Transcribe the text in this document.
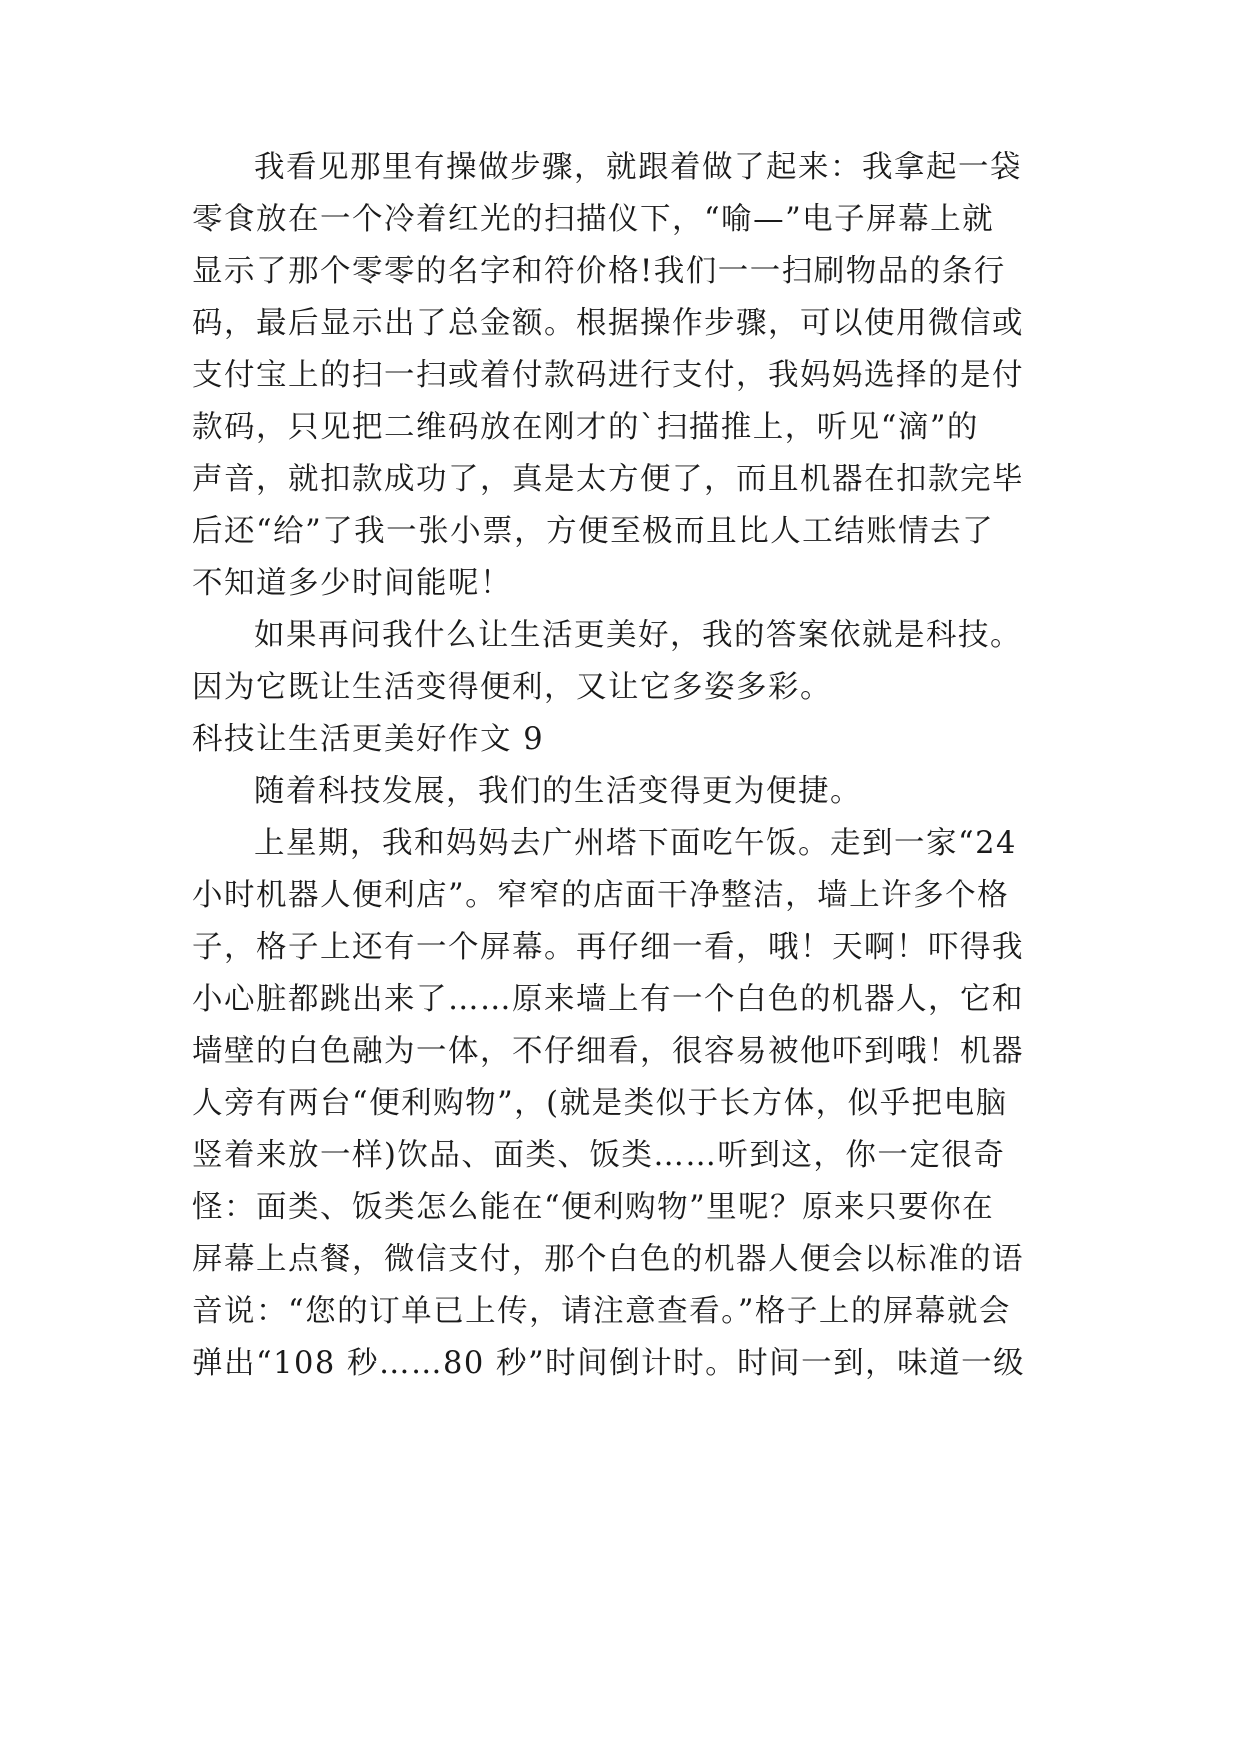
我看见那里有操做步骤，就跟着做了起来：我拿起一袋
零食放在一个冷着红光的扫描仪下，“喻—”电子屏幕上就
显示了那个零零的名字和符价格!我们一一扫刷物品的条行
码，最后显示出了总金额。根据操作步骤，可以使用微信或
支付宝上的扫一扫或着付款码进行支付，我妈妈选择的是付
款码，只见把二维码放在刚才的`扫描推上，听见“滴”的
声音，就扣款成功了，真是太方便了，而且机器在扣款完毕
后还“给”了我一张小票，方便至极而且比人工结账情去了
不知道多少时间能呢！
如果再问我什么让生活更美好，我的答案依就是科技。
因为它既让生活变得便利，又让它多姿多彩。
科技让生活更美好作文 9
随着科技发展，我们的生活变得更为便捷。
上星期，我和妈妈去广州塔下面吃午饭。走到一家“24
小时机器人便利店”。窄窄的店面干净整洁，墙上许多个格
子，格子上还有一个屏幕。再仔细一看，哦！天啊！吓得我
小心脏都跳出来了……原来墙上有一个白色的机器人，它和
墙壁的白色融为一体，不仔细看，很容易被他吓到哦！机器
人旁有两台“便利购物”，(就是类似于长方体，似乎把电脑
竖着来放一样)饮品、面类、饭类……听到这，你一定很奇
怪：面类、饭类怎么能在“便利购物”里呢？原来只要你在
屏幕上点餐，微信支付，那个白色的机器人便会以标准的语
音说：“您的订单已上传，请注意查看。”格子上的屏幕就会
弹出“108 秒……80 秒”时间倒计时。时间一到，味道一级
